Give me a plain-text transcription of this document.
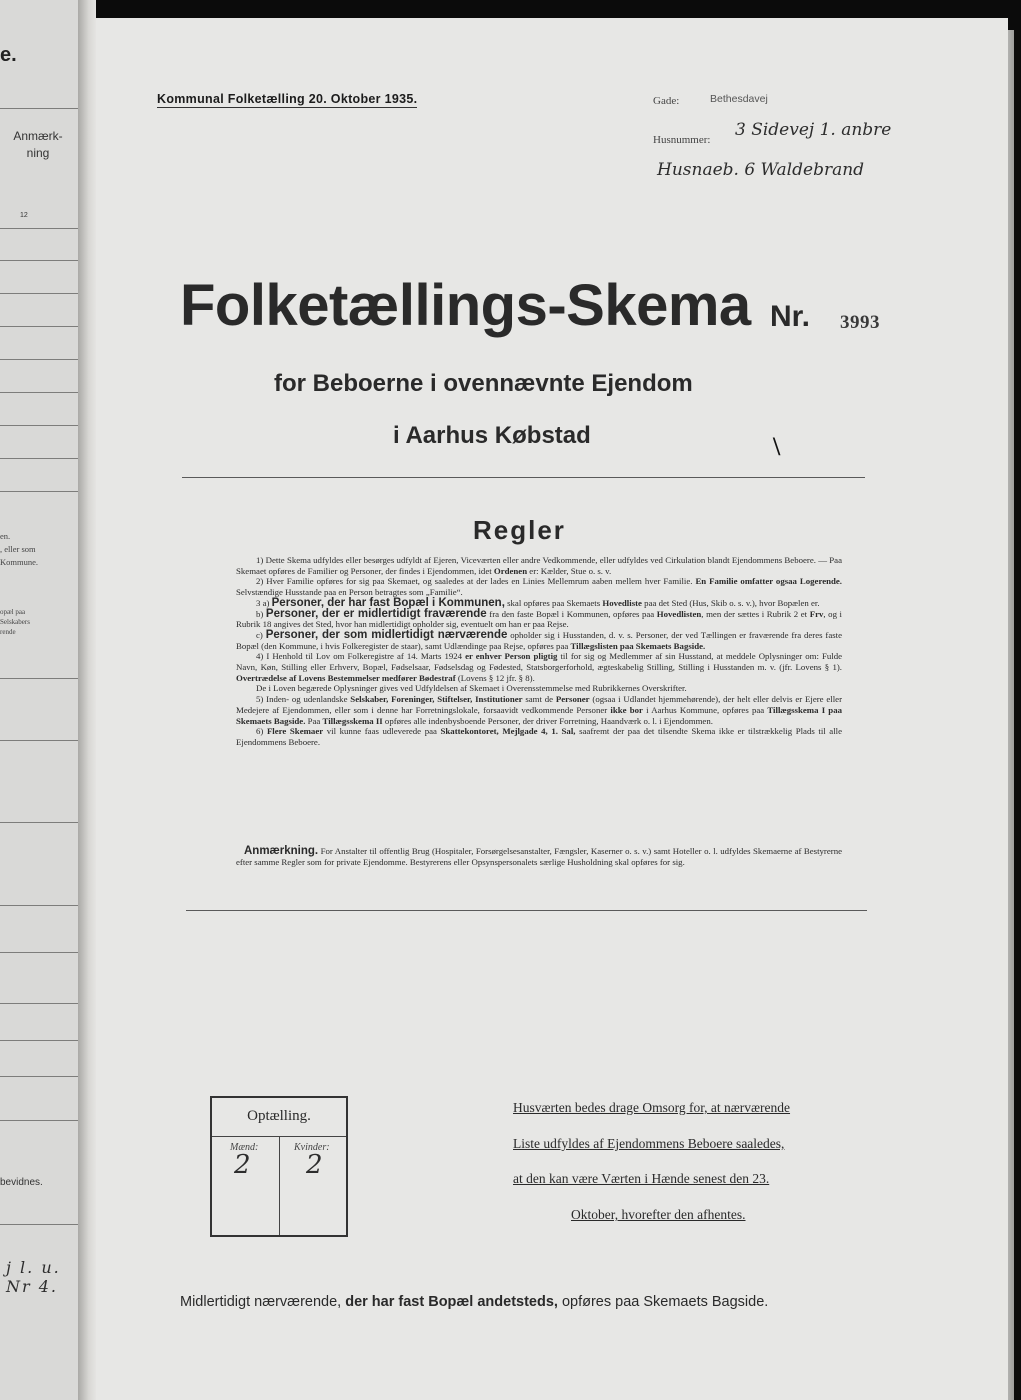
e.
Anmærk-
ning
12
en.
, eller som
Kommune.
opæl paa
Selskabers
rende
bevidnes.
j l. u. Nr 4.
Kommunal Folketælling 20. Oktober 1935.	Gade:	Bethesdavej
Husnummer: 3 Sidevej 1. anbre
Husnaeb. 6 Waldebrand
Folketællings-Skema Nr. 3993
for Beboerne i ovennævnte Ejendom
i Aarhus Købstad	\
Regler

1) Dette Skema udfyldes eller besørges udfyldt af Ejeren, Viceværten eller andre Vedkommende, eller udfyldes ved Cirkulation blandt Ejendommens Beboere. — Paa Skemaet opføres de Familier og Personer, der findes i Ejendommen, idet Ordenen er: Kælder, Stue o. s. v.

2) Hver Familie opføres for sig paa Skemaet, og saaledes at der lades en Linies Mellemrum aaben mellem hver Familie. En Familie omfatter ogsaa Logerende. Selvstændige Husstande paa en Person betragtes som „Familie“.

3 a) Personer, der har fast Bopæl i Kommunen, skal opføres paa Skemaets Hovedliste paa det Sted (Hus, Skib o. s. v.), hvor Bopælen er.

b) Personer, der er midlertidigt fraværende fra den faste Bopæl i Kommunen, opføres paa Hovedlisten, men der sættes i Rubrik 2 et Frv, og i Rubrik 18 angives det Sted, hvor han midlertidigt opholder sig, eventuelt om han er paa Rejse.

c) Personer, der som midlertidigt nærværende opholder sig i Husstanden, d. v. s. Personer, der ved Tællingen er fraværende fra deres faste Bopæl (den Kommune, i hvis Folkeregister de staar), samt Udlændinge paa Rejse, opføres paa Tillægslisten paa Skemaets Bagside.

4) I Henhold til Lov om Folkeregistre af 14. Marts 1924 er enhver Person pligtig til for sig og Medlemmer af sin Husstand, at meddele Oplysninger om: Fulde Navn, Køn, Stilling eller Erhverv, Bopæl, Fødselsaar, Fødselsdag og Fødested, Statsborgerforhold, ægteskabelig Stilling, Stilling i Husstanden m. v. (jfr. Lovens § 1). Overtrædelse af Lovens Bestemmelser medfører Bødestraf (Lovens § 12 jfr. § 8).

De i Loven begærede Oplysninger gives ved Udfyldelsen af Skemaet i Overensstemmelse med Rubrikkernes Overskrifter.

5) Inden- og udenlandske Selskaber, Foreninger, Stiftelser, Institutioner samt de Personer (ogsaa i Udlandet hjemmehørende), der helt eller delvis er Ejere eller Medejere af Ejendommen, eller som i denne har Forretningslokale, forsaavidt vedkommende Personer ikke bor i Aarhus Kommune, opføres paa Tillægsskema I paa Skemaets Bagside. Paa Tillægsskema II opføres alle indenbysboende Personer, der driver Forretning, Haandværk o. l. i Ejendommen.

6) Flere Skemaer vil kunne faas udleverede paa Skattekontoret, Mejlgade 4, 1. Sal, saafremt der paa det tilsendte Skema ikke er tilstrækkelig Plads til alle Ejendommens Beboere.

Anmærkning. For Anstalter til offentlig Brug (Hospitaler, Forsørgelsesanstalter, Fængsler, Kaserner o. s. v.) samt Hoteller o. l. udfyldes Skemaerne af Bestyrerne efter samme Regler som for private Ejendomme. Bestyrerens eller Opsynspersonalets særlige Husholdning skal opføres for sig.
Optælling.
Mænd:
2
Kvinder:
2
Husværten bedes drage Omsorg for, at nærværende
Liste udfyldes af Ejendommens Beboere saaledes,
at den kan være Værten i Hænde senest den 23.
Oktober, hvorefter den afhentes.
Midlertidigt nærværende, der har fast Bopæl andetsteds, opføres paa Skemaets Bagside.
